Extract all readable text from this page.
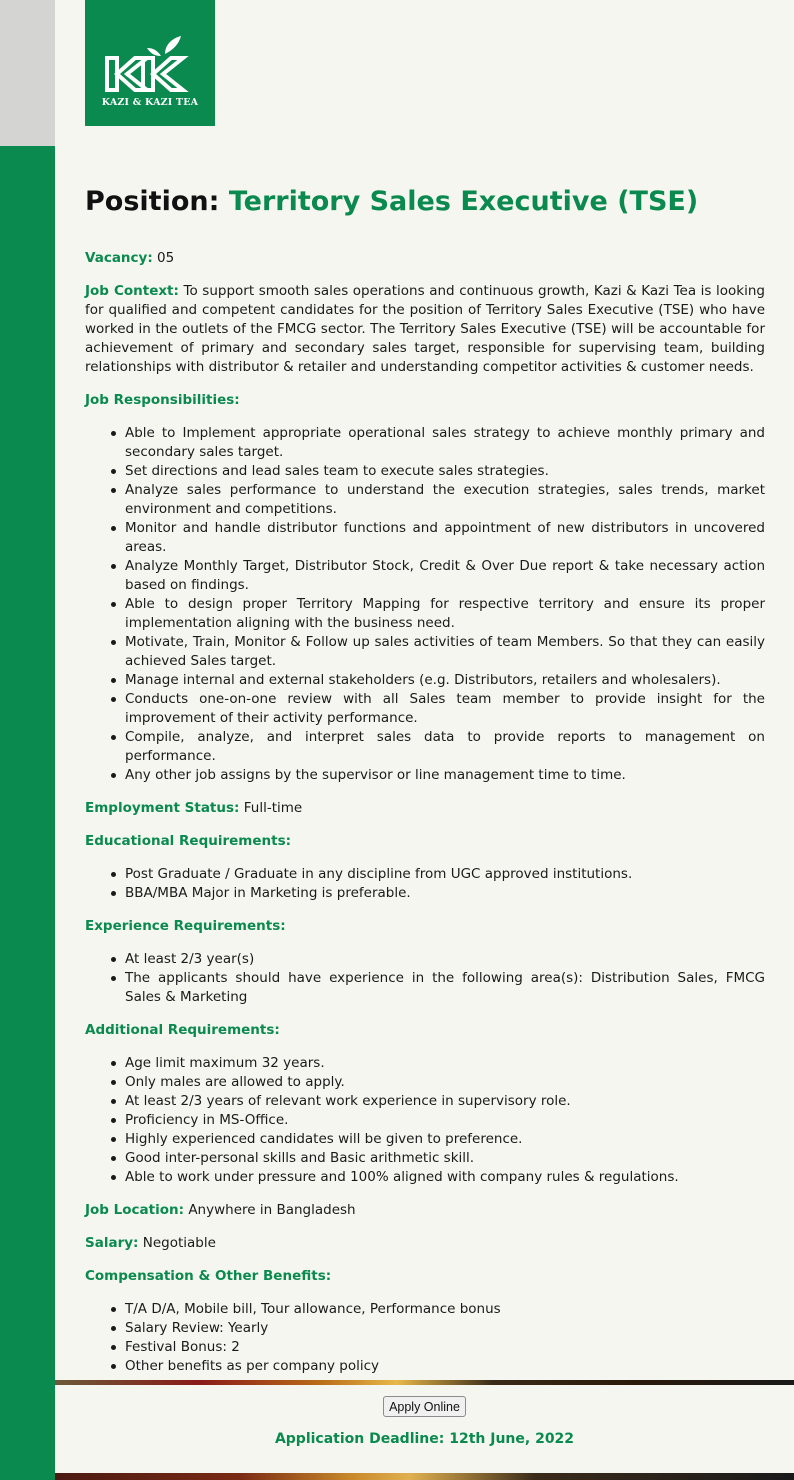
KAZI & KAZI TEA
Position: Territory Sales Executive (TSE)

Vacancy: 05

Job Context: To support smooth sales operations and continuous growth, Kazi & Kazi Tea is looking for qualified and competent candidates for the position of Territory Sales Executive (TSE) who have worked in the outlets of the FMCG sector. The Territory Sales Executive (TSE) will be accountable for achievement of primary and secondary sales target, responsible for supervising team, building relationships with distributor & retailer and understanding competitor activities & customer needs.

Job Responsibilities:

Able to Implement appropriate operational sales strategy to achieve monthly primary and secondary sales target.
Set directions and lead sales team to execute sales strategies.
Analyze sales performance to understand the execution strategies, sales trends, market environment and competitions.
Monitor and handle distributor functions and appointment of new distributors in uncovered areas.
Analyze Monthly Target, Distributor Stock, Credit & Over Due report & take necessary action based on findings.
Able to design proper Territory Mapping for respective territory and ensure its proper implementation aligning with the business need.
Motivate, Train, Monitor & Follow up sales activities of team Members. So that they can easily achieved Sales target.
Manage internal and external stakeholders (e.g. Distributors, retailers and wholesalers).
Conducts one-on-one review with all Sales team member to provide insight for the improvement of their activity performance.
Compile, analyze, and interpret sales data to provide reports to management on performance.
Any other job assigns by the supervisor or line management time to time.

Employment Status: Full-time

Educational Requirements:

Post Graduate / Graduate in any discipline from UGC approved institutions.
BBA/MBA Major in Marketing is preferable.

Experience Requirements:

At least 2/3 year(s)
The applicants should have experience in the following area(s): Distribution Sales, FMCG Sales & Marketing

Additional Requirements:

Age limit maximum 32 years.
Only males are allowed to apply.
At least 2/3 years of relevant work experience in supervisory role.
Proficiency in MS-Office.
Highly experienced candidates will be given to preference.
Good inter-personal skills and Basic arithmetic skill.
Able to work under pressure and 100% aligned with company rules & regulations.

Job Location: Anywhere in Bangladesh

Salary: Negotiable

Compensation & Other Benefits:

T/A D/A, Mobile bill, Tour allowance, Performance bonus
Salary Review: Yearly
Festival Bonus: 2
Other benefits as per company policy
Apply Online
Application Deadline: 12th June, 2022
